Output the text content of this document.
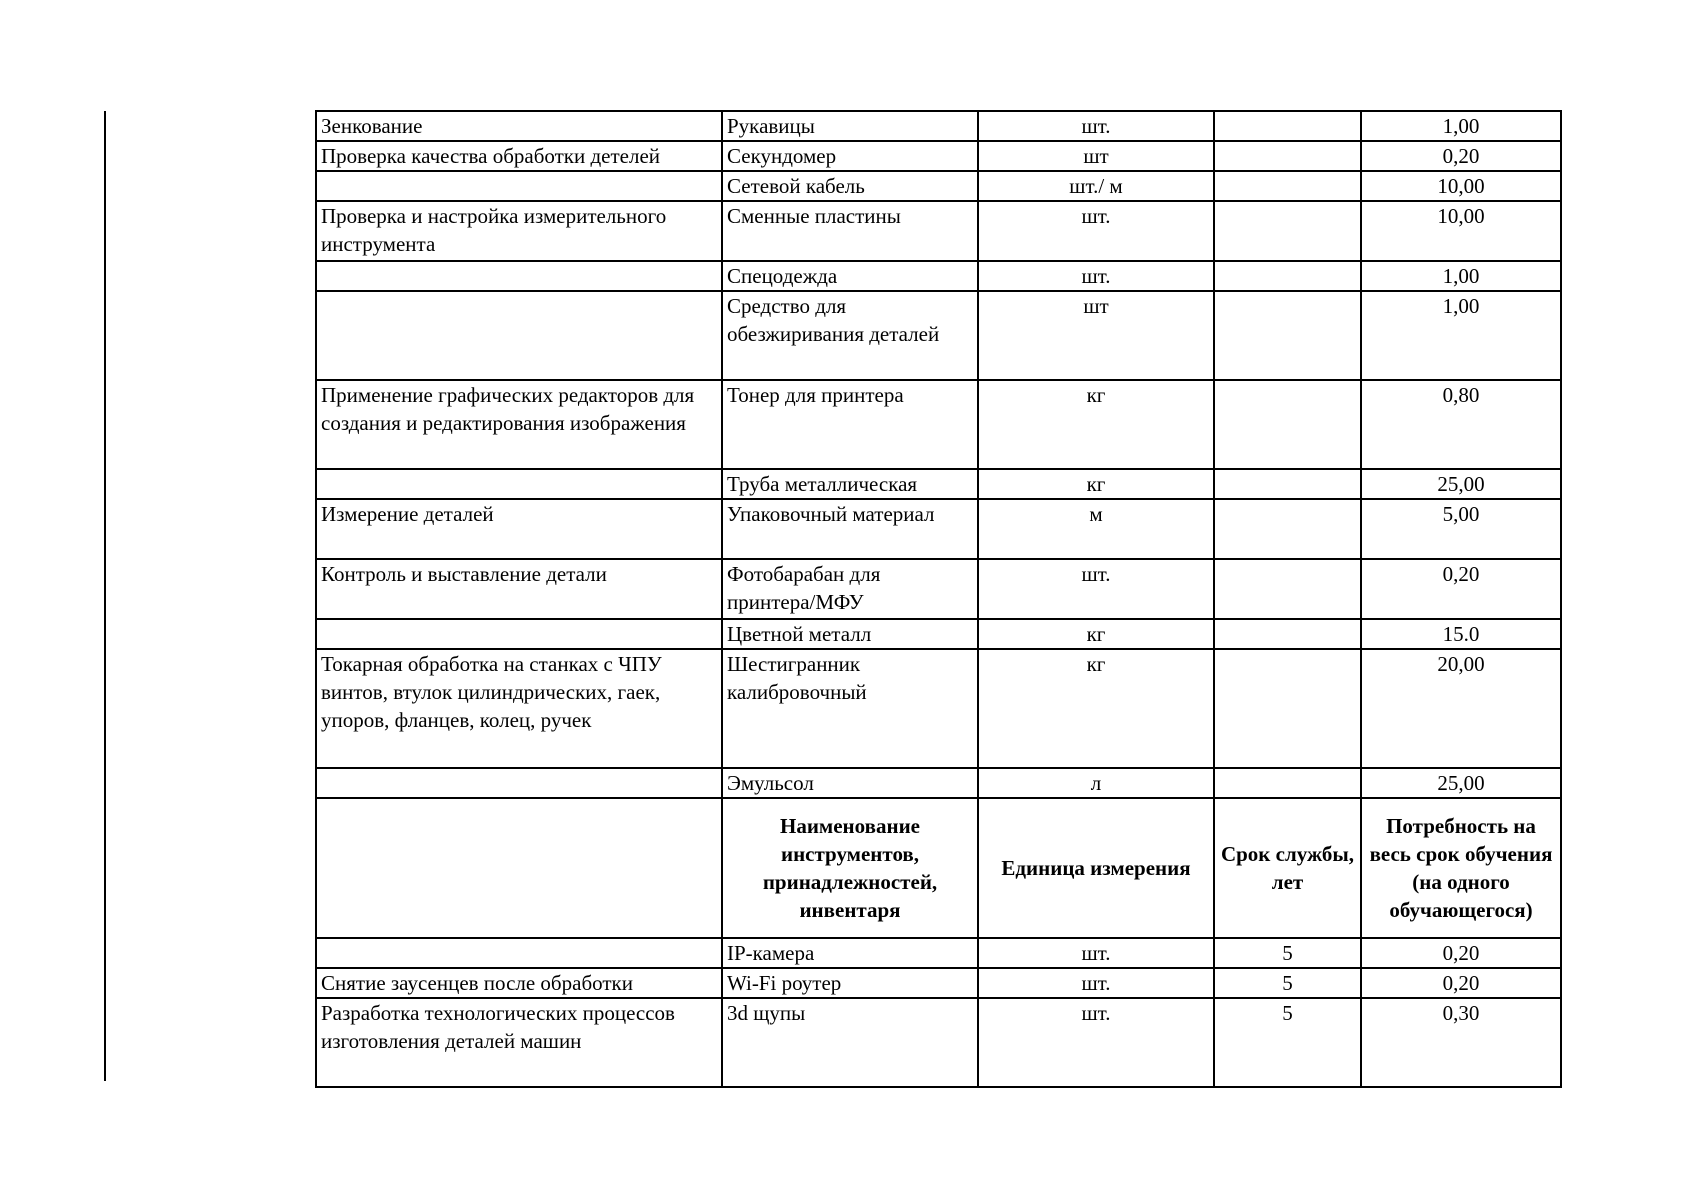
Зенкование	Рукавицы	шт.		1,00
Проверка качества обработки детелей	Секундомер	шт		0,20
	Сетевой кабель	шт./ м		10,00
Проверка и настройка измерительного инструмента	Сменные пластины	шт.		10,00
	Спецодежда	шт.		1,00
	Средство для обезжиривания деталей	шт		1,00
Применение графических редакторов для создания и редактирования изображения	Тонер для принтера	кг		0,80
	Труба металлическая	кг		25,00
Измерение деталей	Упаковочный материал	м		5,00
Контроль и выставление детали	Фотобарабан для принтера/МФУ	шт.		0,20
	Цветной металл	кг		15.0
Токарная обработка на станках с ЧПУ винтов, втулок цилиндрических, гаек, упоров, фланцев, колец, ручек	Шестигранник калибровочный	кг		20,00
	Эмульсол	л		25,00
	Наименование инструментов, принадлежностей, инвентаря	Единица измерения	Срок службы, лет	Потребность на весь срок обучения (на одного обучающегося)
	IP-камера	шт.	5	0,20
Снятие заусенцев после обработки	Wi-Fi роутер	шт.	5	0,20
Разработка технологических процессов изготовления деталей машин	3d щупы	шт.	5	0,30
